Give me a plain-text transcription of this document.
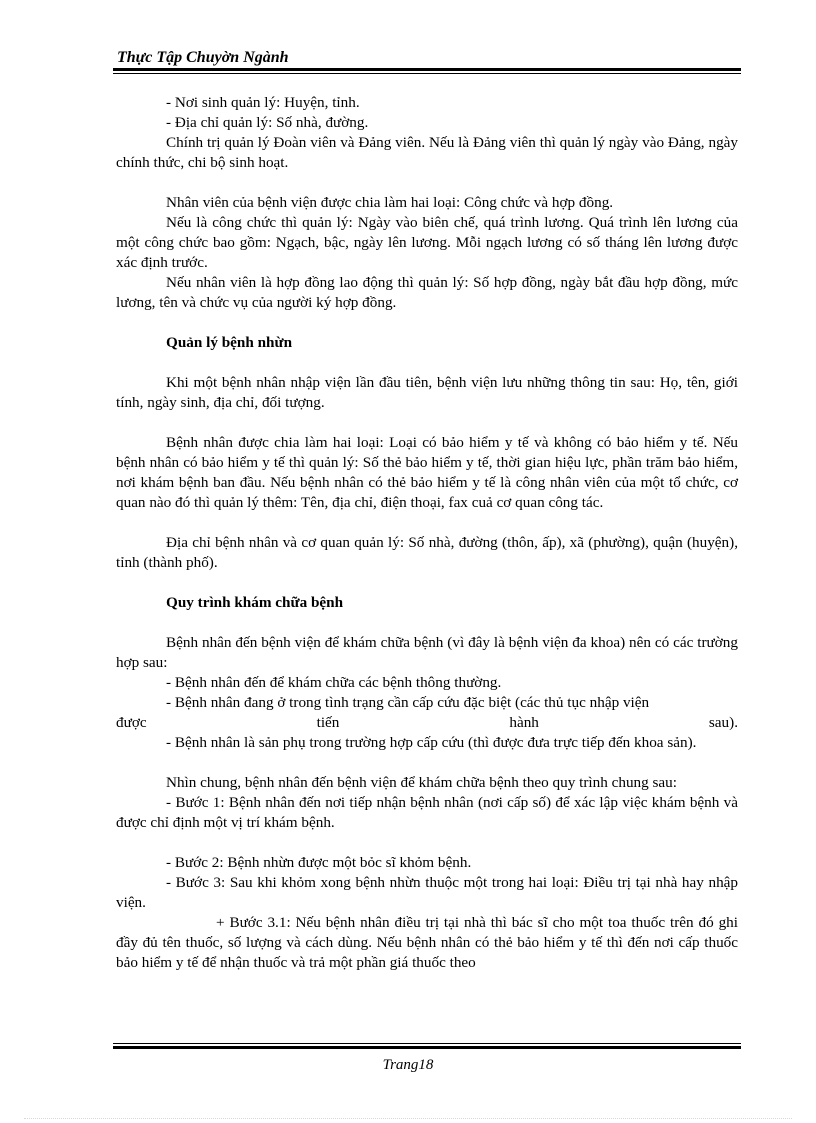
Thực Tập Chuyờn Ngành

- Nơi sinh quản lý: Huyện, tỉnh.

- Địa chỉ quản lý: Số nhà, đường.

Chính trị quản lý Đoàn viên và Đảng viên. Nếu là Đảng viên thì quản lý ngày vào Đảng, ngày chính thức, chi bộ sinh hoạt.

Nhân viên của bệnh viện được chia làm hai loại: Công chức và hợp đồng.

Nếu là công chức thì quản lý: Ngày vào biên chế, quá trình lương. Quá trình lên lương của một công chức bao gồm: Ngạch, bậc, ngày lên lương. Mỗi ngạch lương có số tháng lên lương được xác định trước.

Nếu nhân viên là hợp đồng lao động thì quản lý: Số hợp đồng, ngày bắt đầu hợp đồng, mức lương, tên và chức vụ của người ký hợp đồng.

Quản lý bệnh nhừn

Khi một bệnh nhân nhập viện lần đầu tiên, bệnh viện lưu những thông tin sau: Họ, tên, giới tính, ngày sinh, địa chỉ, đối tượng.

Bệnh nhân được chia làm hai loại: Loại có bảo hiểm y tế và không có bảo hiểm y tế. Nếu bệnh nhân có bảo hiểm y tế thì quản lý: Số thẻ bảo hiểm y tế, thời gian hiệu lực, phần trăm bảo hiểm, nơi khám bệnh ban đầu. Nếu bệnh nhân có thẻ bảo hiểm y tế là công nhân viên của một tổ chức, cơ quan nào đó thì quản lý thêm: Tên, địa chỉ, điện thoại, fax cuả cơ quan công tác.

Địa chỉ bệnh nhân và cơ quan quản lý: Số nhà, đường (thôn, ấp), xã (phường), quận (huyện), tỉnh (thành phố).

Quy trình khám chữa bệnh

Bệnh nhân đến bệnh viện để khám chữa bệnh (vì đây là bệnh viện đa khoa) nên có các trường hợp sau:

- Bệnh nhân đến để khám chữa các bệnh thông thường.

- Bệnh nhân đang ở trong tình trạng cần cấp cứu đặc biệt (các thủ tục nhập viện

được tiến hành sau).

- Bệnh nhân là sản phụ trong trường hợp cấp cứu (thì được đưa trực tiếp đến khoa sản).

Nhìn chung, bệnh nhân đến bệnh viện để khám chữa bệnh theo quy trình chung sau:

- Bước 1: Bệnh nhân đến nơi tiếp nhận bệnh nhân (nơi cấp số) để xác lập việc khám bệnh và được chỉ định một vị trí khám bệnh.

- Bước 2: Bệnh nhừn được một bỏc sĩ khỏm bệnh.

- Bước 3: Sau khi khỏm xong bệnh nhừn thuộc một trong hai loại: Điều trị tại nhà hay nhập viện.

+ Bước 3.1: Nếu bệnh nhân điều trị tại nhà thì bác sĩ cho một toa thuốc trên đó ghi đầy đủ tên thuốc, số lượng và cách dùng. Nếu bệnh nhân có thẻ bảo hiểm y tế thì đến nơi cấp thuốc bảo hiểm y tế để nhận thuốc và trả một phần giá thuốc theo

Trang18
